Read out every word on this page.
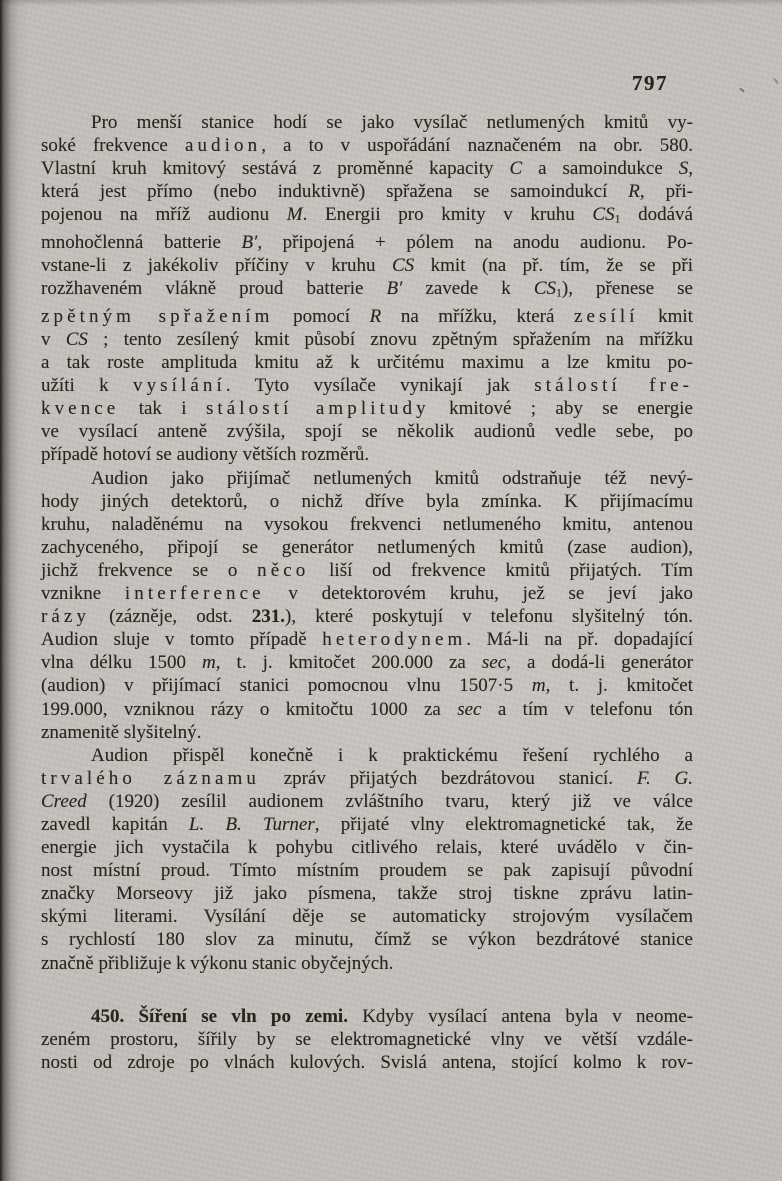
797
Pro menší stanice hodí se jako vysílač netlumených kmitů vy-
soké frekvence audion, a to v uspořádání naznačeném na obr. 580.
Vlastní kruh kmitový sestává z proměnné kapacity C a samoindukce S,
která jest přímo (nebo induktivně) spřažena se samoindukcí R, při-
pojenou na mříž audionu M. Energii pro kmity v kruhu $CS_1$ dodává
mnohočlenná batterie B′, připojená + pólem na anodu audionu. Po-
vstane-li z jakékoliv příčiny v kruhu CS kmit (na př. tím, že se při
rozžhaveném vlákně proud batterie B′ zavede k $CS_1$), přenese se
zpětným spřažením pomocí R na mřížku, která zesílí kmit
v CS ; tento zesílený kmit působí znovu zpětným spřažením na mřížku
a tak roste amplituda kmitu až k určitému maximu a lze kmitu po-
užíti k vysílání. Tyto vysílače vynikají jak stálostí fre-
kvence tak i stálostí amplitudy kmitové ; aby se energie
ve vysílací anteně zvýšila, spojí se několik audionů vedle sebe, po
případě hotoví se audiony větších rozměrů.
Audion jako přijímač netlumených kmitů odstraňuje též nevý-
hody jiných detektorů, o nichž dříve byla zmínka. K přijímacímu
kruhu, naladěnému na vysokou frekvenci netlumeného kmitu, antenou
zachyceného, připojí se generátor netlumených kmitů (zase audion),
jichž frekvence se o něco liší od frekvence kmitů přijatých. Tím
vznikne interference v detektorovém kruhu, jež se jeví jako
rázy (zázněje, odst. 231.), které poskytují v telefonu slyšitelný tón.
Audion sluje v tomto případě heterodynem. Má-li na př. dopadající
vlna délku 1500 m, t. j. kmitočet 200.000 za sec, a dodá-li generátor
(audion) v přijímací stanici pomocnou vlnu 1507·5 m, t. j. kmitočet
199.000, vzniknou rázy o kmitočtu 1000 za sec a tím v telefonu tón
znamenitě slyšitelný.
Audion přispěl konečně i k praktickému řešení rychlého a
trvalého záznamu zpráv přijatých bezdrátovou stanicí. F. G.
Creed (1920) zesílil audionem zvláštního tvaru, který již ve válce
zavedl kapitán L. B. Turner, přijaté vlny elektromagnetické tak, že
energie jich vystačila k pohybu citlivého relais, které uvádělo v čin-
nost místní proud. Tímto místním proudem se pak zapisují původní
značky Morseovy již jako písmena, takže stroj tiskne zprávu latin-
skými literami. Vysílání děje se automaticky strojovým vysílačem
s rychlostí 180 slov za minutu, čímž se výkon bezdrátové stanice
značně přibližuje k výkonu stanic obyčejných.
450. Šíření se vln po zemi. Kdyby vysílací antena byla v neome-
zeném prostoru, šířily by se elektromagnetické vlny ve větší vzdále-
nosti od zdroje po vlnách kulových. Svislá antena, stojící kolmo k rov-
